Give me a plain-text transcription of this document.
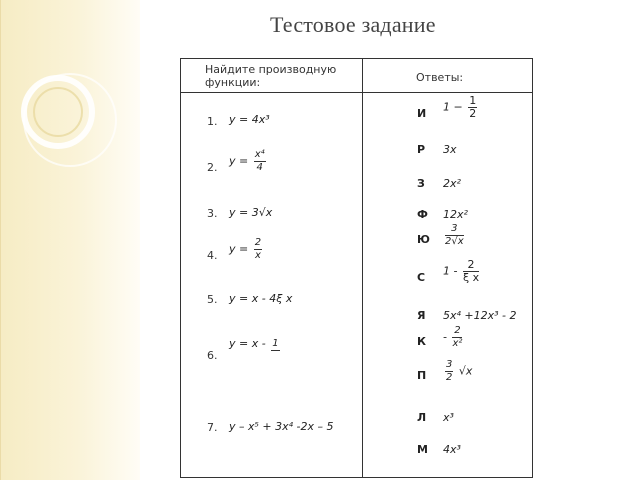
Тестовое задание
Найдите производную функции:	Ответы:
1. y = 4x³
2. $y = \frac{\text{x⁴}}{4}$
3. y = 3√x
4. $y = \frac{2}{x}$
5. y = x - 4ξ x
6.
y = x - 1
7. y – x⁵ + 3x⁴ -2x – 5
И $1 - \frac{1}{2}$
Р 3x
З 2x²
Ф 12x²
Ю $\frac{3}{2√x}$
С $1 - \frac{2}{\text{ξ x}}$
Я 5x⁴ +12x³ - 2
К - $\frac{2}{\text{x²}}$
П $\frac{3}{2} √x$
Л x³
М 4x³
